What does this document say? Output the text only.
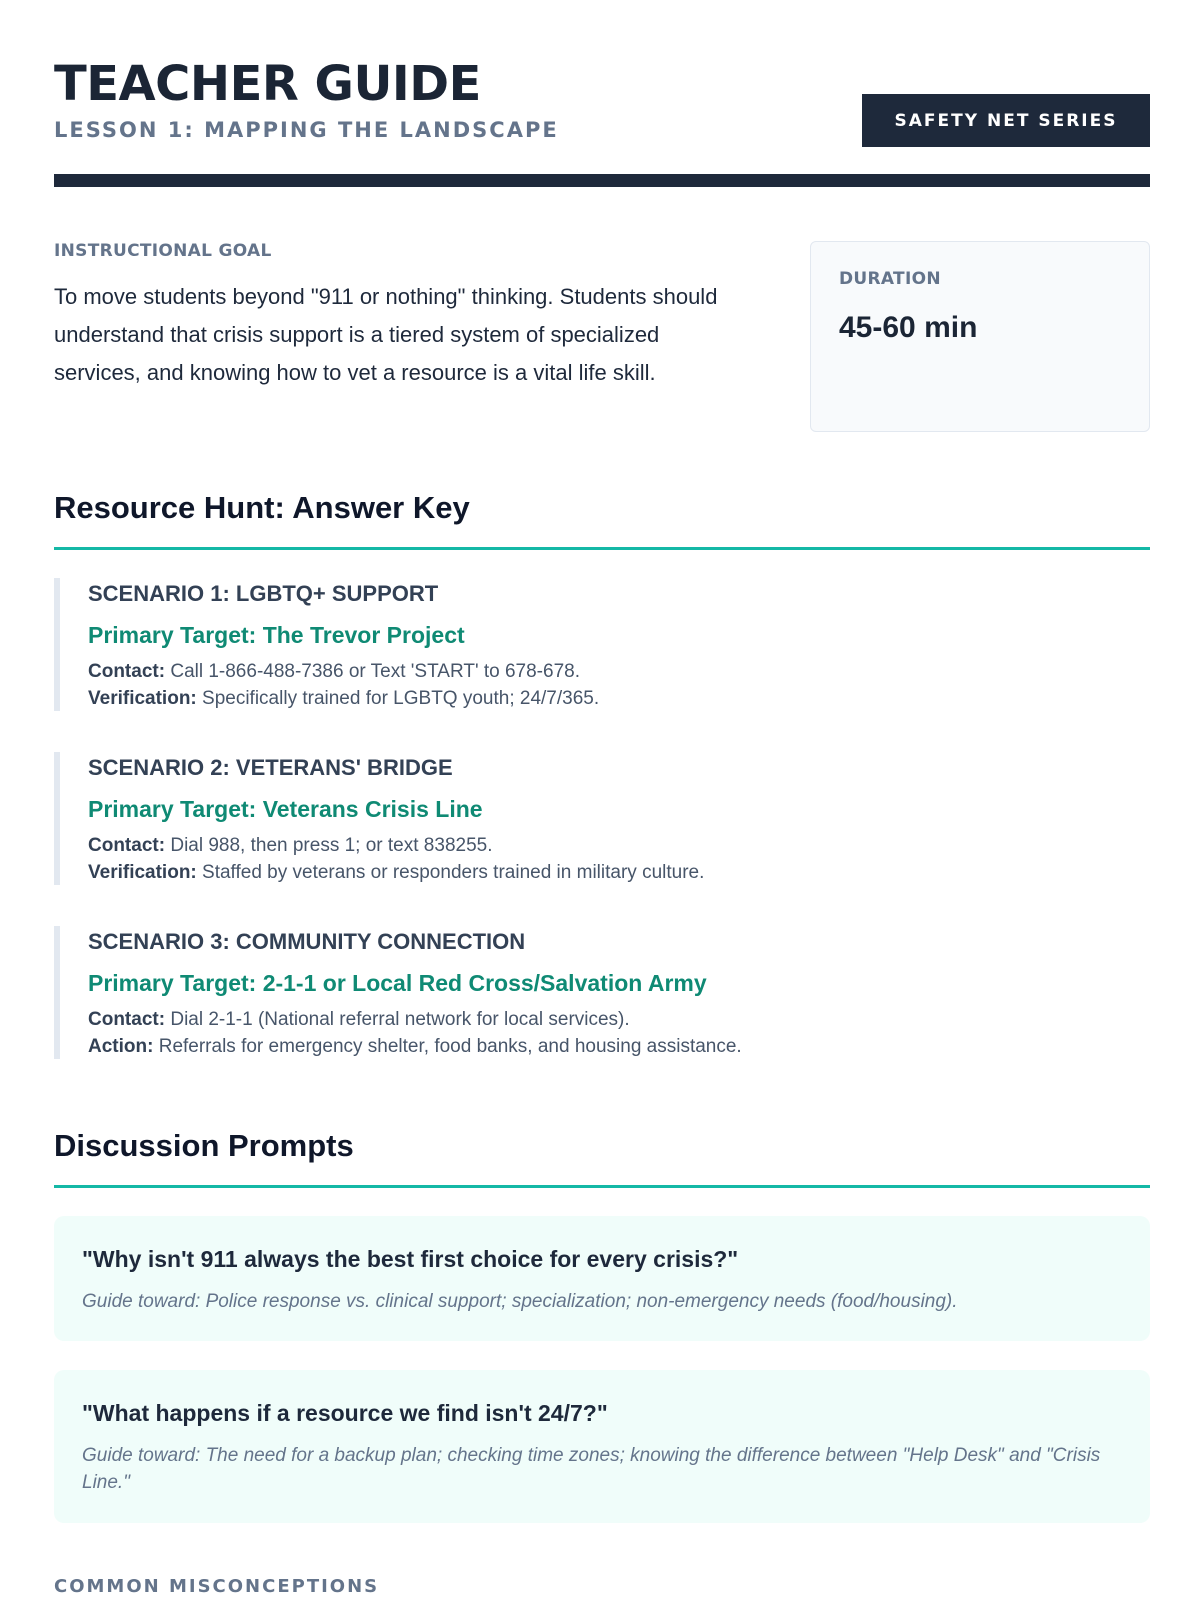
TEACHER GUIDE
LESSON 1: MAPPING THE LANDSCAPE	SAFETY NET SERIES
INSTRUCTIONAL GOAL
To move students beyond "911 or nothing" thinking. Students should understand that crisis support is a tiered system of specialized services, and knowing how to vet a resource is a vital life skill.
DURATION
45-60 min
Resource Hunt: Answer Key
SCENARIO 1: LGBTQ+ SUPPORT
Primary Target: The Trevor Project
Contact: Call 1-866-488-7386 or Text 'START' to 678-678.
Verification: Specifically trained for LGBTQ youth; 24/7/365.
SCENARIO 2: VETERANS' BRIDGE
Primary Target: Veterans Crisis Line
Contact: Dial 988, then press 1; or text 838255.
Verification: Staffed by veterans or responders trained in military culture.
SCENARIO 3: COMMUNITY CONNECTION
Primary Target: 2-1-1 or Local Red Cross/Salvation Army
Contact: Dial 2-1-1 (National referral network for local services).
Action: Referrals for emergency shelter, food banks, and housing assistance.
Discussion Prompts
"Why isn't 911 always the best first choice for every crisis?"
Guide toward: Police response vs. clinical support; specialization; non-emergency needs (food/housing).
"What happens if a resource we find isn't 24/7?"
Guide toward: The need for a backup plan; checking time zones; knowing the difference between "Help Desk" and "Crisis Line."
COMMON MISCONCEPTIONS
